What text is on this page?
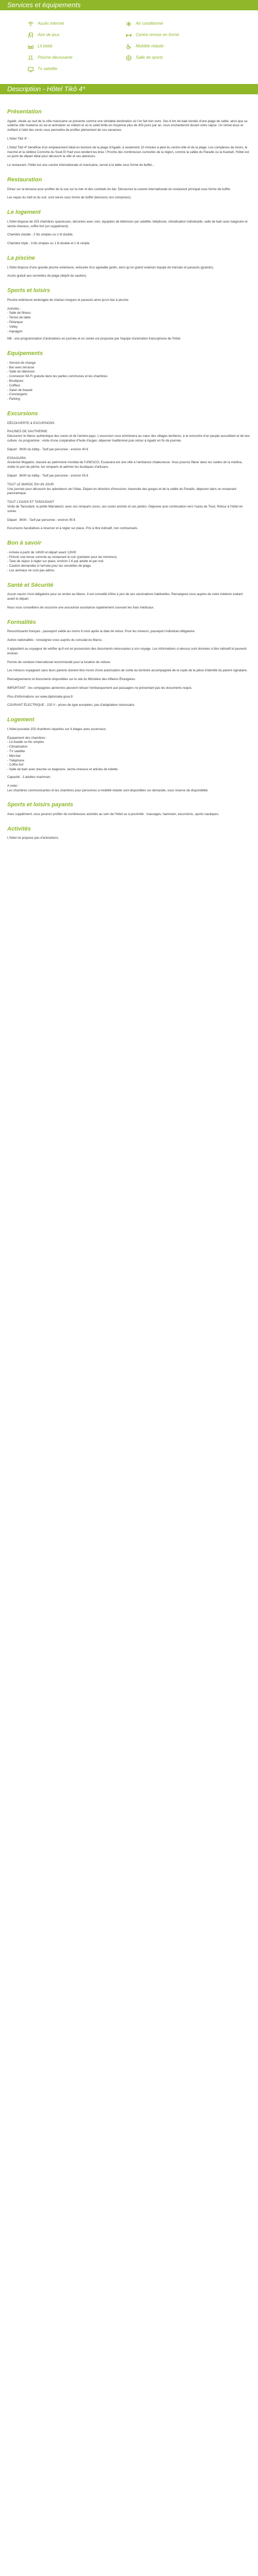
Services et équipements
Accès Internet	Air conditionné
Aire de jeux	Centre remise en forme
Lit bébé	Mobilité réduite
Piscine découverte	Salle de sports
Tv satellite
Description - Hôtel Tikô 4*
Présentation

Agadir, située au sud de la côte marocaine se présente comme une véritable destination où l'on fait bon vivre. Ses 6 km de baie bordés d'une plage de sable, ainsi que sa sublime ville moderne où vie et animation se mêlent et où le soleil brille en moyenne plus de 300 jours par an, vous enchanteront durant votre séjour. Un climat doux et vivifiant à l'abri des vents vous permettra de profiter pleinement de vos vacances.

L'hôtel Tikô 4* :

L'hôtel Tikô 4* bénéficie d'un emplacement idéal en bordure de la plage d'Agadir, à seulement 10 minutes à pied du centre-ville et de la plage. Les complexes de loisirs, le marché et la célèbre Corniche du Souk El Had vous tendent les bras ! Proche des nombreuses curiosités de la région, comme la vallée du Paradis ou la Kasbah, l'hôtel est un point de départ idéal pour découvrir la ville et ses alentours.

Le restaurant, l'hôtel est une cuisine internationale et marocaine, servie à la table sous forme de buffet...

Restauration

Dînez sur la terrasse pour profiter de la vue sur la mer et des cocktails du bar. Découvrez la cuisine internationale du restaurant principal sous forme de buffet.

Les repas du midi et du soir, sont servis sous forme de buffet (boissons non comprises).

Le logement

L'hôtel dispose de 203 chambres spacieuses, décorées avec soin, équipées de télévision par satellite, téléphone, climatisation individuelle, salle de bain avec baignoire et sèche-cheveux, coffre-fort (en supplément).

Chambre double : 2 lits simples ou 1 lit double.

Chambre triple : 3 lits simples ou 1 lit double et 1 lit simple.

La piscine

L'hôtel dispose d'une grande piscine extérieure, entourée d'un agréable jardin, ainsi qu'un grand solarium équipé de transats et parasols (gratuits).

Accès gratuit aux serviettes de plage (dépôt de caution).

Sports et loisirs

Piscine extérieure aménagée de chaises longues et parasols ainsi qu'un bar à piscine.

Activités :

- Salle de fitness

- Tennis de table

- Pétanque

- Volley

- Aquagym

NB : une programmation d'animations en journée et en soirée est proposée par l'équipe d'animation francophone de l'hôtel.

Equipements

- Service de change

- Bar avec terrasse

- Salle de télévision

- Connexion Wi-Fi gratuite dans les parties communes et les chambres

- Boutiques

- Coiffeur

- Salon de beauté

- Conciergerie

- Parking

Excursions

DÉCOUVERTE & EXCURSIONS

RACINES DE SAUTHERNE

Découvrez le Maroc authentique des souks et de l'arrière-pays. L'excursion vous emmènera au cœur des villages berbères, à la rencontre d'un peuple accueillant et de leur culture. Au programme : visite d'une coopérative d'huile d'argan, déjeuner traditionnel puis retour à Agadir en fin de journée.

Départ : 9h00 du lobby - Tarif par personne : environ 40 €

ESSAOUIRA

Ancienne Mogador, classée au patrimoine mondial de l'UNESCO, Essaouira est une ville à l'ambiance chaleureuse. Vous pourrez flâner dans les ruelles de la médina, visiter le port de pêche, les remparts et admirer les boutiques d'artisans.

Départ : 8h00 du lobby - Tarif par personne : environ 55 €

TOUT LE MAROC EN UN JOUR

Une journée pour découvrir les splendeurs de l'Atlas. Départ en direction d'Imouzzer, traversée des gorges et de la vallée du Paradis, déjeuner dans un restaurant panoramique.

TOUT L'OASIS ET TAROUDANT

Visite de Taroudant, la petite Marrakech, avec ses remparts ocres, ses souks animés et ses jardins. Déjeuner puis continuation vers l'oasis de Tiout. Retour à l'hôtel en soirée.

Départ : 8h00 - Tarif par personne : environ 45 €

Excursions facultatives à réserver et à régler sur place. Prix à titre indicatif, non contractuels.

Bon à savoir

- Arrivée à partir de 14h00 et départ avant 12h00

- Prévoir une tenue correcte au restaurant le soir (pantalon pour les hommes).

- Taxe de séjour à régler sur place, environ 2 € par adulte et par nuit.

- Caution demandée à l'arrivée pour les serviettes de plage.

- Les animaux ne sont pas admis.

Santé et Sécurité

Aucun vaccin n'est obligatoire pour se rendre au Maroc. Il est conseillé d'être à jour de ses vaccinations habituelles. Renseignez-vous auprès de votre médecin traitant avant le départ.

Nous vous conseillons de souscrire une assurance assistance rapatriement couvrant les frais médicaux.

Formalités

Ressortissants français : passeport valide au moins 6 mois après la date de retour. Pour les mineurs, passeport individuel obligatoire.

Autres nationalités : renseignez-vous auprès du consulat du Maroc.

Il appartient au voyageur de vérifier qu'il est en possession des documents nécessaires à son voyage. Les informations ci-dessus sont données à titre indicatif et peuvent évoluer.

Permis de conduire international recommandé pour la location de voiture.

Les mineurs voyageant sans leurs parents doivent être munis d'une autorisation de sortie du territoire accompagnée de la copie de la pièce d'identité du parent signataire.

Renseignements et documents disponibles sur le site du Ministère des Affaires Étrangères.

IMPORTANT : les compagnies aériennes peuvent refuser l'embarquement aux passagers ne présentant pas les documents requis.

Plus d'informations sur www.diplomatie.gouv.fr

COURANT ÉLECTRIQUE : 220 V - prises de type européen, pas d'adaptateur nécessaire.

Logement

L'hôtel possède 203 chambres réparties sur 4 étages avec ascenseur.

Équipement des chambres :

- Lit double ou lits simples

- Climatisation

- TV satellite

- Mini-bar

- Téléphone

- Coffre-fort

- Salle de bain avec douche ou baignoire, sèche-cheveux et articles de toilette

Capacité : 3 adultes maximum.

A noter :

Les chambres communicantes et les chambres pour personnes à mobilité réduite sont disponibles sur demande, sous réserve de disponibilité.

Sports et loisirs payants

Avec supplément, vous pourrez profiter de nombreuses activités au sein de l'hôtel ou à proximité : massages, hammam, excursions, sports nautiques.

Activités

L'hôtel ne propose pas d'animations.
